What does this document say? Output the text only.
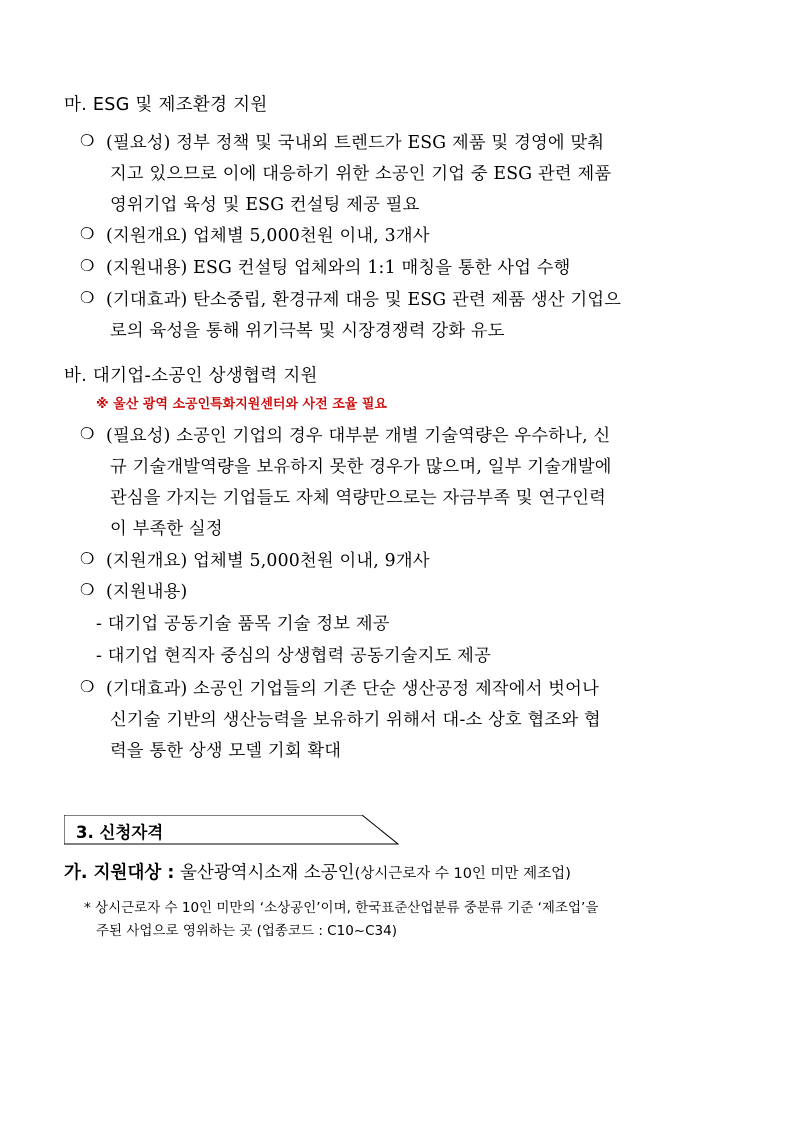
마. ESG 및 제조환경 지원
❍ (필요성) 정부 정책 및 국내외 트렌드가 ESG 제품 및 경영에 맞춰
지고 있으므로 이에 대응하기 위한 소공인 기업 중 ESG 관련 제품
영위기업 육성 및 ESG 컨설팅 제공 필요
❍ (지원개요) 업체별 5,000천원 이내, 3개사
❍ (지원내용) ESG 컨설팅 업체와의 1:1 매칭을 통한 사업 수행
❍ (기대효과) 탄소중립, 환경규제 대응 및 ESG 관련 제품 생산 기업으
로의 육성을 통해 위기극복 및 시장경쟁력 강화 유도
바. 대기업-소공인 상생협력 지원
※ 울산 광역 소공인특화지원센터와 사전 조율 필요
❍ (필요성) 소공인 기업의 경우 대부분 개별 기술역량은 우수하나, 신
규 기술개발역량을 보유하지 못한 경우가 많으며, 일부 기술개발에
관심을 가지는 기업들도 자체 역량만으로는 자금부족 및 연구인력
이 부족한 실정
❍ (지원개요) 업체별 5,000천원 이내, 9개사
❍ (지원내용)
- 대기업 공동기술 품목 기술 정보 제공
- 대기업 현직자 중심의 상생협력 공동기술지도 제공
❍ (기대효과) 소공인 기업들의 기존 단순 생산공정 제작에서 벗어나
신기술 기반의 생산능력을 보유하기 위해서 대-소 상호 협조와 협
력을 통한 상생 모델 기회 확대
3. 신청자격
가. 지원대상 : 울산광역시소재 소공인(상시근로자 수 10인 미만 제조업)
* 상시근로자 수 10인 미만의 ‘소상공인’이며, 한국표준산업분류 중분류 기준 ‘제조업’을
주된 사업으로 영위하는 곳 (업종코드 : C10~C34)
